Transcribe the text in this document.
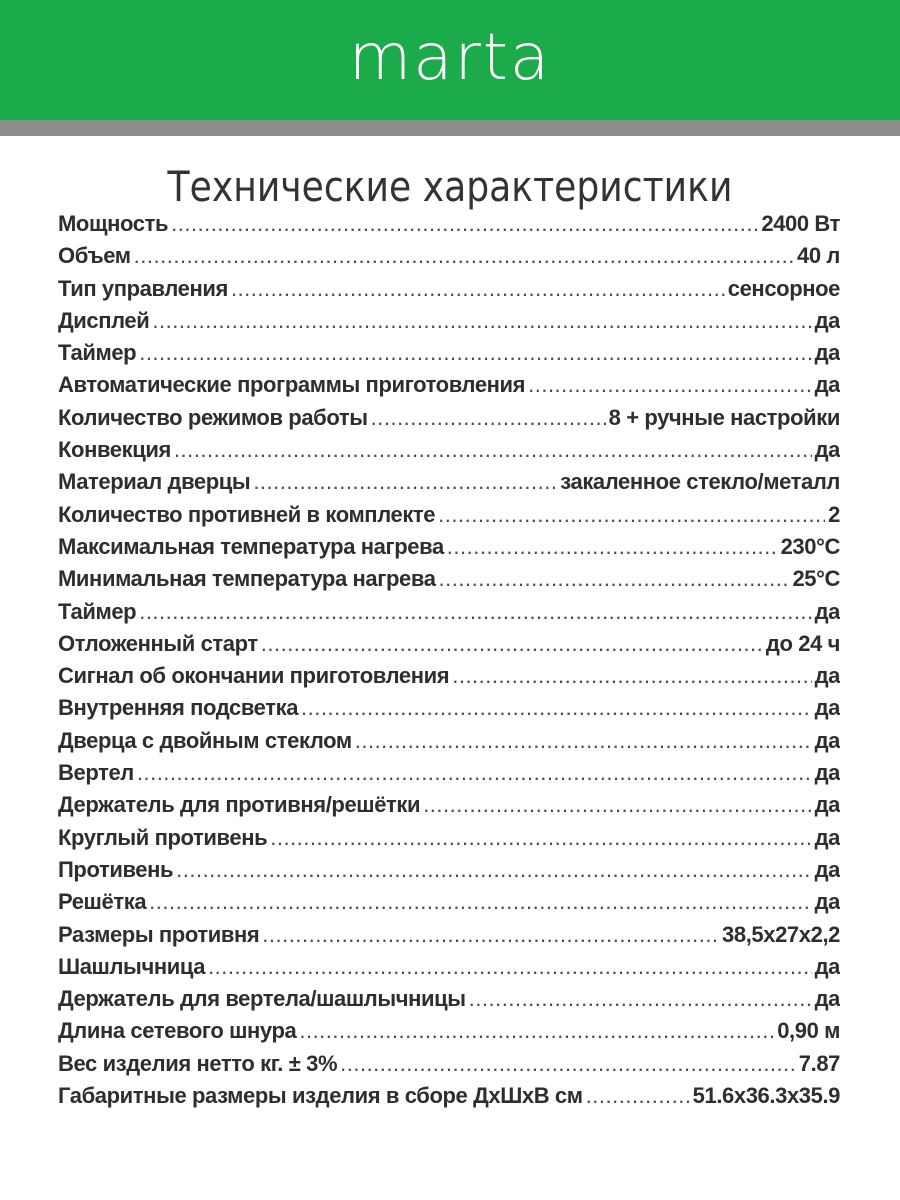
marta
Технические характеристики
Мощность .....	2400 Вт
Объем .....	40 л
Тип управления .....	сенсорное
Дисплей .....	да
Таймер .....	да
Автоматические программы приготовления .....	да
Количество режимов работы .....	8 + ручные настройки
Конвекция .....	да
Материал дверцы .....	закаленное стекло/металл
Количество противней в комплекте .....	2
Максимальная температура нагрева .....	230°C
Минимальная температура нагрева .....	25°C
Таймер .....	да
Отложенный старт .....	до 24 ч
Сигнал об окончании приготовления .....	да
Внутренняя подсветка .....	да
Дверца с двойным стеклом .....	да
Вертел .....	да
Держатель для противня/решётки .....	да
Круглый противень .....	да
Противень .....	да
Решётка .....	да
Размеры противня .....	38,5x27x2,2
Шашлычница .....	да
Держатель для вертела/шашлычницы .....	да
Длина сетевого шнура .....	0,90 м
Вес изделия нетто кг. ± 3% .....	7.87
Габаритные размеры изделия в сборе ДхШхВ см .....	51.6x36.3x35.9
